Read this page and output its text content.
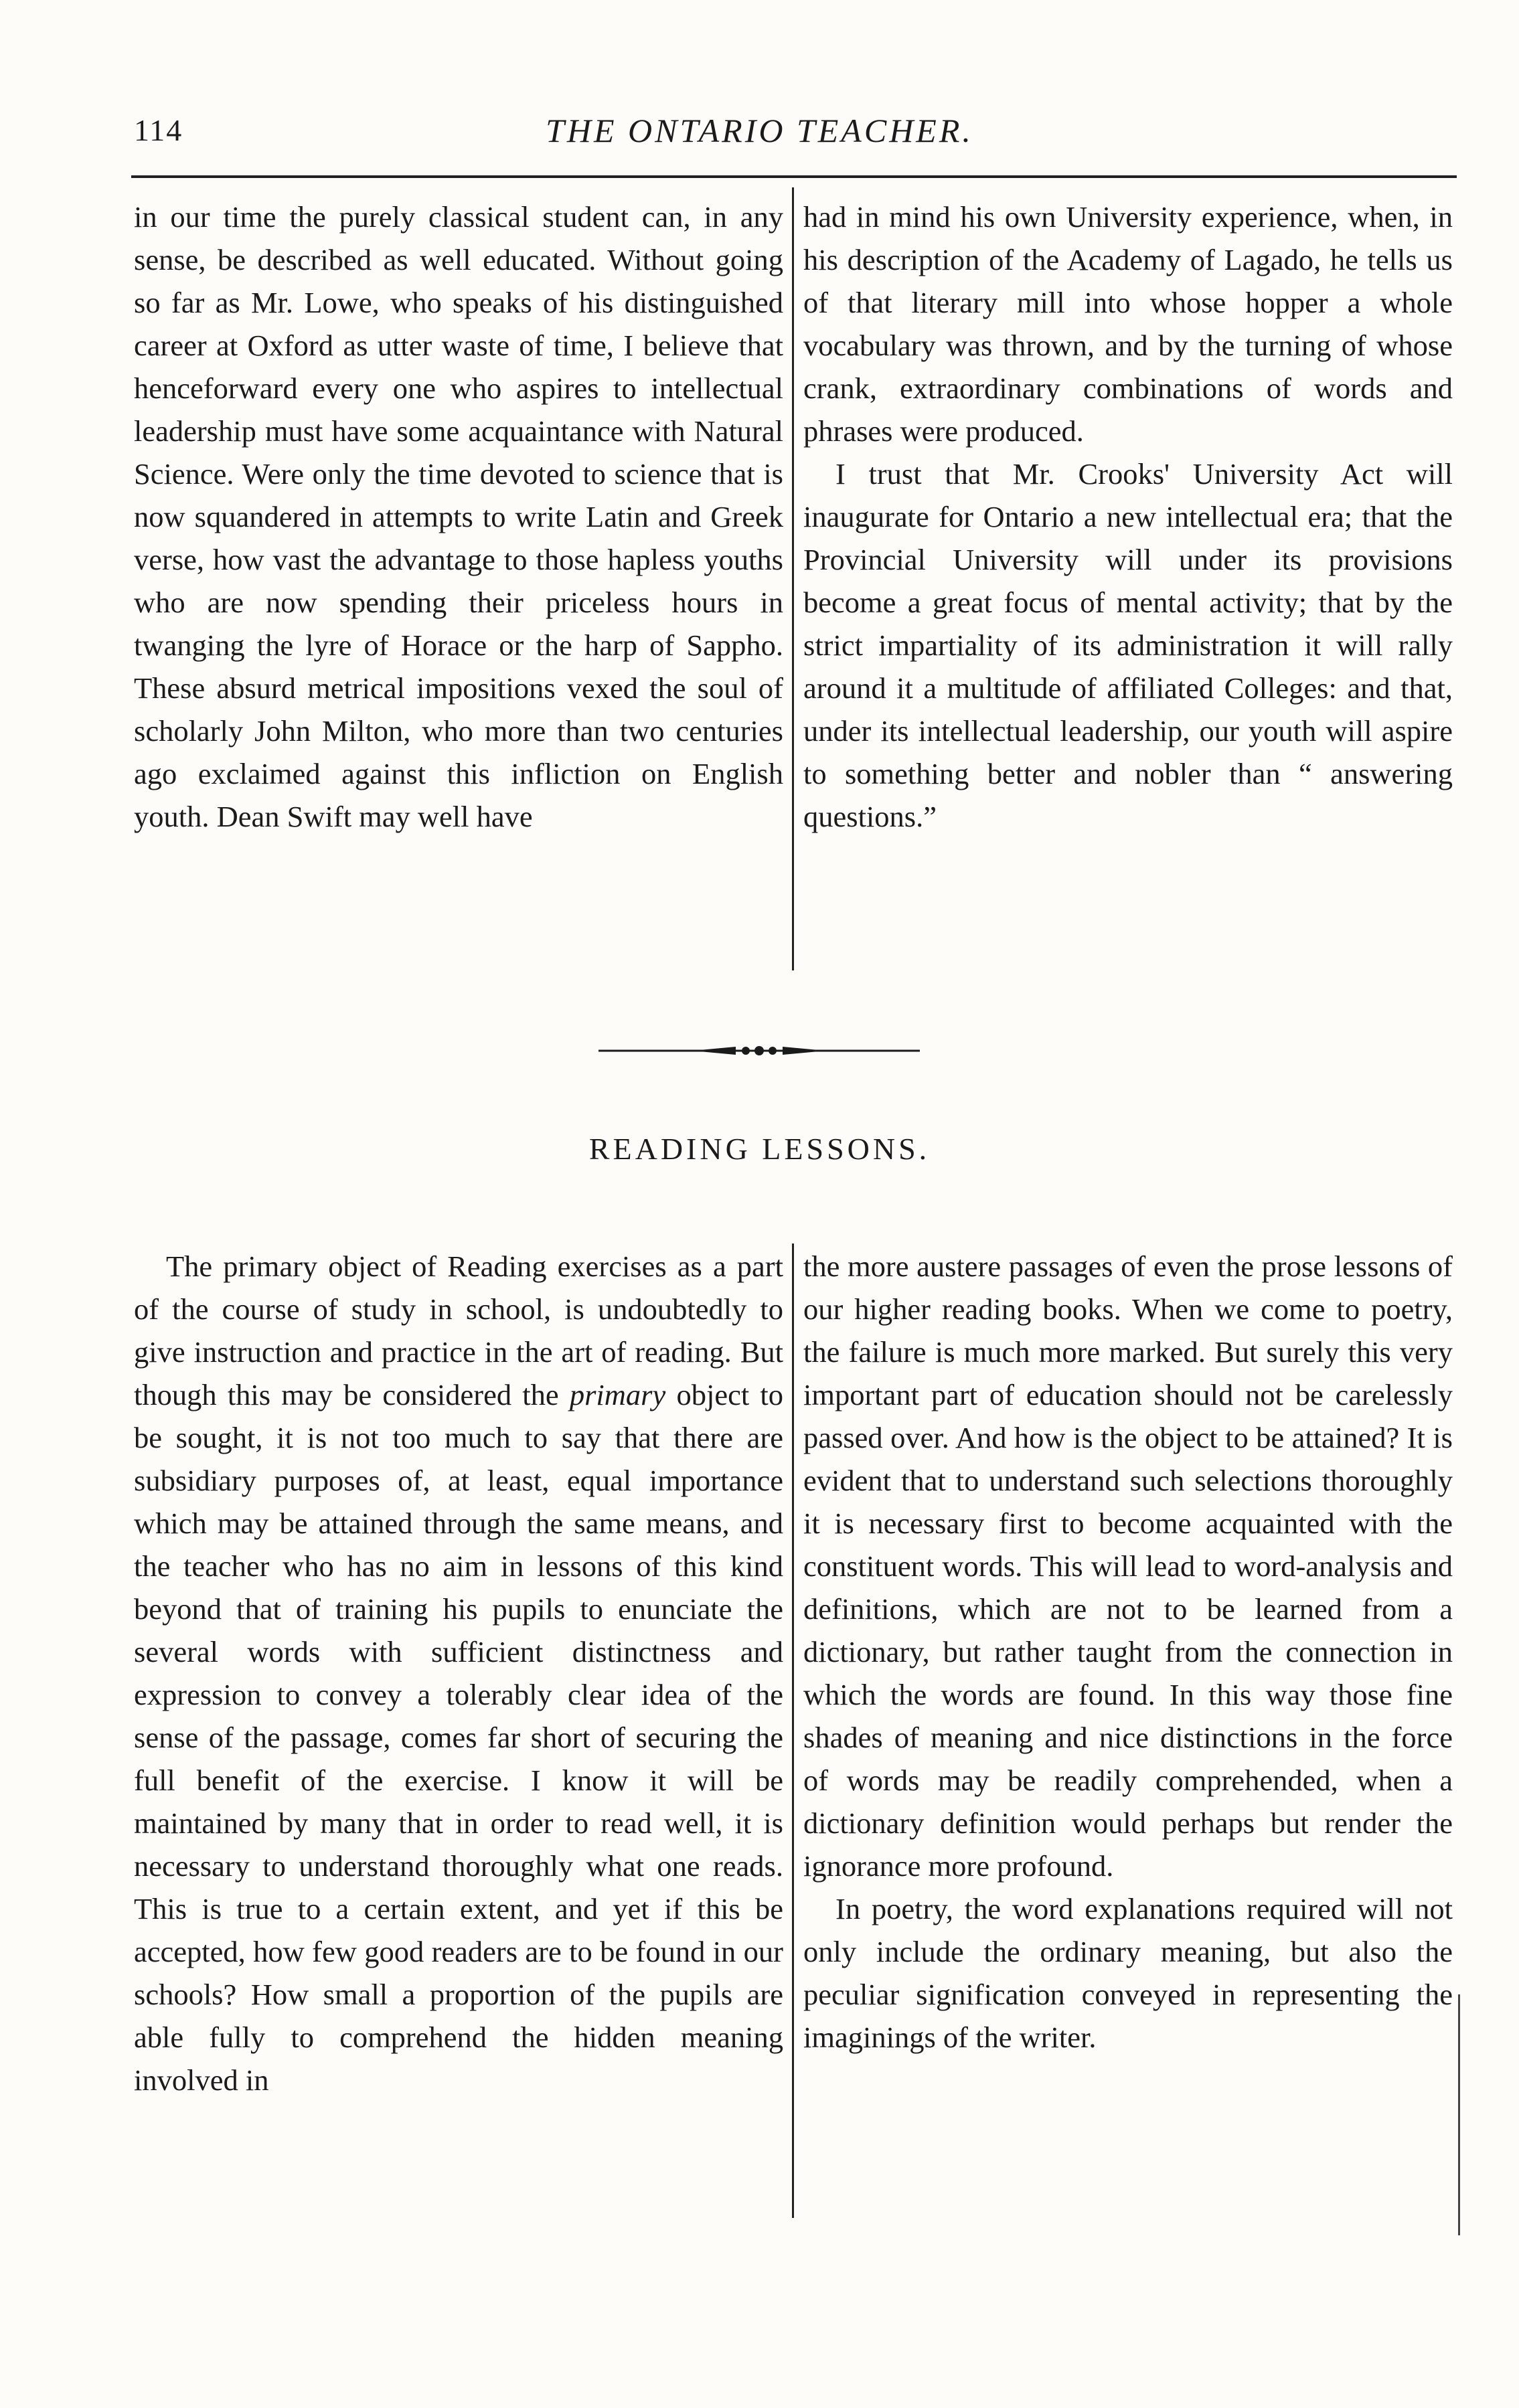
114	THE ONTARIO TEACHER.

in our time the purely classical student can, in any sense, be described as well educated. Without going so far as Mr. Lowe, who speaks of his distinguished career at Oxford as utter waste of time, I believe that henceforward every one who aspires to intellectual leadership must have some acquaintance with Natural Science. Were only the time devoted to science that is now squandered in attempts to write Latin and Greek verse, how vast the advantage to those hapless youths who are now spending their priceless hours in twanging the lyre of Horace or the harp of Sappho. These absurd metrical impositions vexed the soul of scholarly John Milton, who more than two centuries ago exclaimed against this infliction on English youth. Dean Swift may well have

had in mind his own University experience, when, in his description of the Academy of Lagado, he tells us of that literary mill into whose hopper a whole vocabulary was thrown, and by the turning of whose crank, extraordinary combinations of words and phrases were produced.

I trust that Mr. Crooks' University Act will inaugurate for Ontario a new intellectual era; that the Provincial University will under its provisions become a great focus of mental activity; that by the strict impartiality of its administration it will rally around it a multitude of affiliated Colleges: and that, under its intellectual leadership, our youth will aspire to something better and nobler than “ answering questions.”

READING LESSONS.

The primary object of Reading exercises as a part of the course of study in school, is undoubtedly to give instruction and practice in the art of reading. But though this may be considered the primary object to be sought, it is not too much to say that there are subsidiary purposes of, at least, equal importance which may be attained through the same means, and the teacher who has no aim in lessons of this kind beyond that of training his pupils to enunciate the several words with sufficient distinctness and expression to convey a tolerably clear idea of the sense of the passage, comes far short of securing the full benefit of the exercise. I know it will be maintained by many that in order to read well, it is necessary to understand thoroughly what one reads. This is true to a certain extent, and yet if this be accepted, how few good readers are to be found in our schools? How small a proportion of the pupils are able fully to comprehend the hidden meaning involved in

the more austere passages of even the prose lessons of our higher reading books. When we come to poetry, the failure is much more marked. But surely this very important part of education should not be carelessly passed over. And how is the object to be attained? It is evident that to understand such selections thoroughly it is necessary first to become acquainted with the constituent words. This will lead to word-analysis and definitions, which are not to be learned from a dictionary, but rather taught from the connection in which the words are found. In this way those fine shades of meaning and nice distinctions in the force of words may be readily comprehended, when a dictionary definition would perhaps but render the ignorance more profound.

In poetry, the word explanations required will not only include the ordinary meaning, but also the peculiar signification conveyed in representing the imaginings of the writer.
